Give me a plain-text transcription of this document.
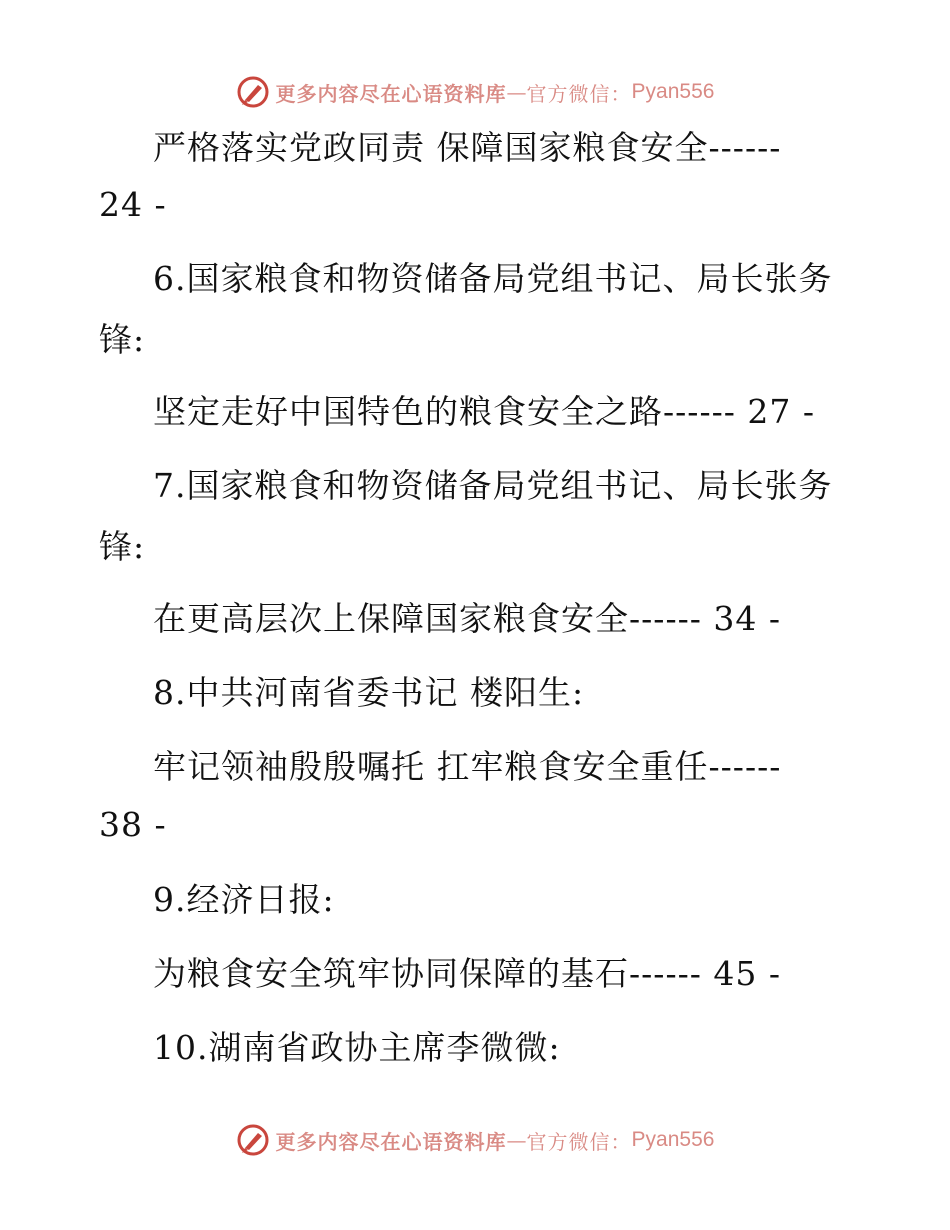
更多内容尽在心语资料库 — 官方微信： Pyan556
严格落实党政同责 保障国家粮食安全------
24 -
6.国家粮食和物资储备局党组书记、局长张务
锋:
坚定走好中国特色的粮食安全之路------ 27 -
7.国家粮食和物资储备局党组书记、局长张务
锋:
在更高层次上保障国家粮食安全------ 34 -
8.中共河南省委书记 楼阳生:
牢记领袖殷殷嘱托 扛牢粮食安全重任------
38 -
9.经济日报:
为粮食安全筑牢协同保障的基石------ 45 -
10.湖南省政协主席李微微:
更多内容尽在心语资料库 — 官方微信： Pyan556
